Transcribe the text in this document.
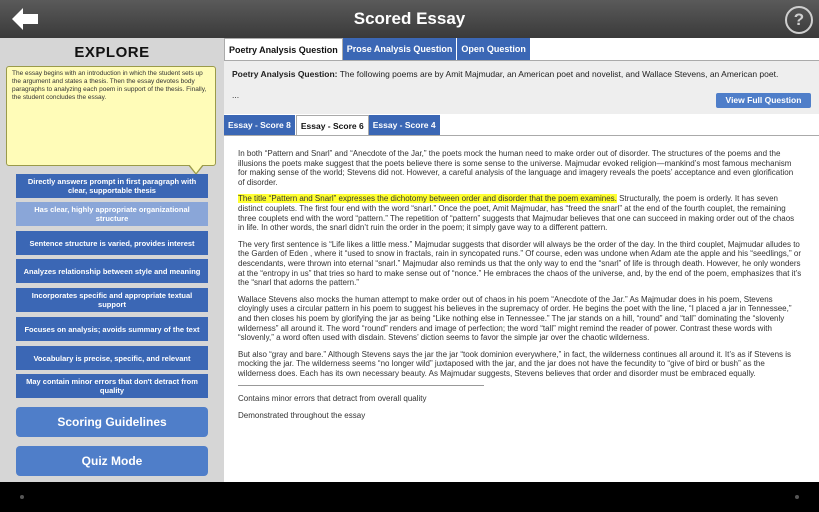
Scored Essay	?
EXPLORE
The essay begins with an introduction in which the student sets up the argument and states a thesis. Then the essay devotes body paragraphs to analyzing each poem in support of the thesis. Finally, the student concludes the essay.
Directly answers prompt in first paragraph with clear, supportable thesis
Has clear, highly appropriate organizational structure
Sentence structure is varied, provides interest
Analyzes relationship between style and meaning
Incorporates specific and appropriate textual support
Focuses on analysis; avoids summary of the text
Vocabulary is precise, specific, and relevant
May contain minor errors that don't detract from quality
Scoring Guidelines
Quiz Mode
Poetry Analysis Question	Prose Analysis Question	Open Question
Poetry Analysis Question: The following poems are by Amit Majmudar, an American poet and novelist, and Wallace Stevens, an American poet.
...	View Full Question
Essay - Score 8	Essay - Score 6	Essay - Score 4

In both “Pattern and Snarl” and “Anecdote of the Jar,” the poets mock the human need to make order out of disorder. The structures of the poems and the illusions the poets make suggest that the poets believe there is some sense to the universe. Majmudar evoked religion—mankind’s most famous mechanism for making sense of the world; Stevens did not. However, a careful analysis of the language and imagery reveals the poets’ acceptance and even glorification of disorder.

The title “Pattern and Snarl” expresses the dichotomy between order and disorder that the poem examines. Structurally, the poem is orderly. It has seven distinct couplets. The first four end with the word “snarl.” Once the poet, Amit Majmudar, has “freed the snarl” at the end of the fourth couplet, the remaining three couplets end with the word “pattern.” The repetition of “pattern” suggests that Majmudar believes that one can succeed in making order out of the chaos in life. In other words, the snarl didn’t ruin the order in the poem; it simply gave way to a different pattern.

The very first sentence is “Life likes a little mess.” Majmudar suggests that disorder will always be the order of the day. In the third couplet, Majmudar alludes to the Garden of Eden , where it “used to snow in fractals, rain in syncopated runs.” Of course, eden was undone when Adam ate the apple and his “seedlings,” or descendants, were thrown into eternal “snarl.” Majmudar also reminds us that the only way to end the “snarl” of life is through death. However, he only wonders at the “entropy in us” that tries so hard to make sense out of “nonce.” He embraces the chaos of the universe, and, by the end of the poem, emphasizes that it’s the “snarl that adorns the pattern.”

Wallace Stevens also mocks the human attempt to make order out of chaos in his poem “Anecdote of the Jar.” As Majmudar does in his poem, Stevens cloyingly uses a circular pattern in his poem to suggest his believes in the supremacy of order. He begins the poet with the line, “I placed a jar in Tennessee,” and then closes his poem by glorifying the jar as being “Like nothing else in Tennessee.” The jar stands on a hill, “round” and “tall” dominating the “slovenly wilderness” all around it. The word “round” renders and image of perfection; the word “tall” might remind the reader of power. Contrast these words with “slovenly,” a word often used with disdain. Stevens’ diction seems to favor the simple jar over the chaotic wilderness.

But also “gray and bare.” Although Stevens says the jar the jar “took dominion everywhere,” in fact, the wilderness continues all around it. It’s as if Stevens is mocking the jar. The wilderness seems “no longer wild” juxtaposed with the jar, and the jar does not have the fecundity to “give of bird or bush” as the wilderness does. Each has its own necessary beauty. As Majmudar suggests, Stevens believes that order and disorder must be embraced equally.

Contains minor errors that detract from overall quality

Demonstrated throughout the essay
